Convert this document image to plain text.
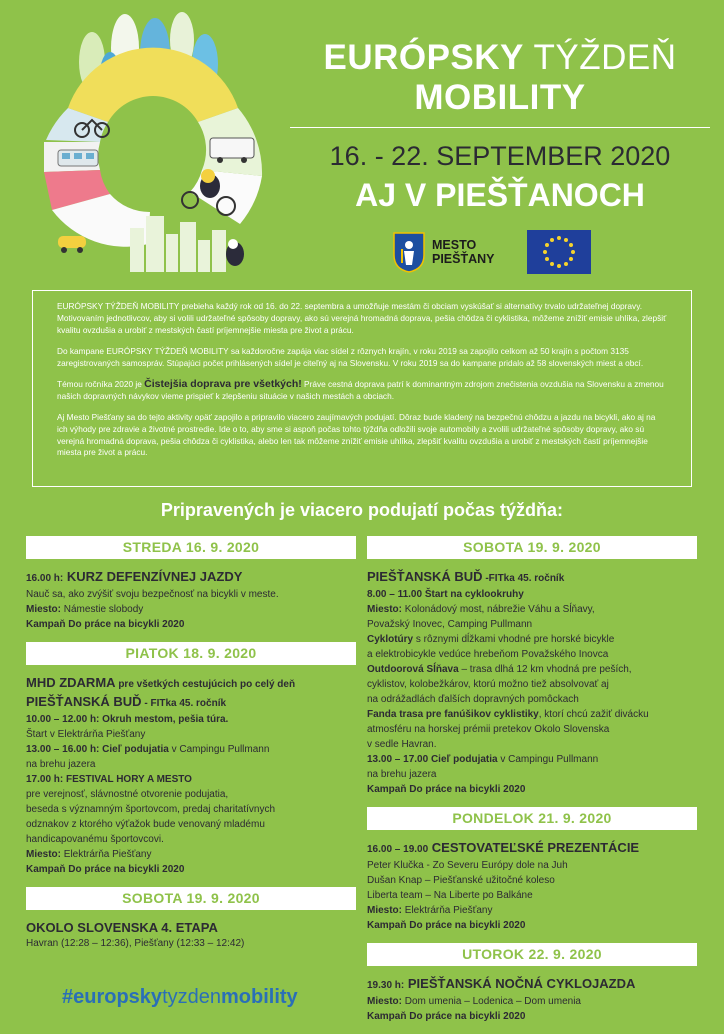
EURÓPSKY TÝŽDEŇ
MOBILITY
16. - 22. SEPTEMBER 2020
AJ V PIEŠŤANOCH
MESTO
PIEŠŤANY

EURÓPSKY TÝŽDEŇ MOBILITY prebieha každý rok od 16. do 22. septembra a umožňuje mestám či obciam vyskúšať si alternatívy trvalo udržateľnej dopravy. Motivovaním jednotlivcov, aby si volili udržateľné spôsoby dopravy, ako sú verejná hromadná doprava, pešia chôdza či cyklistika, môžeme znížiť emisie uhlíka, zlepšiť kvalitu ovzdušia a urobiť z mestských častí príjemnejšie miesta pre život a prácu.

Do kampane EURÓPSKY TÝŽDEŇ MOBILITY sa každoročne zapája viac sídel z rôznych krajín, v roku 2019 sa zapojilo celkom až 50 krajín s počtom 3135 zaregistrovaných samospráv. Stúpajúci počet prihlásených sídel je citeľný aj na Slovensku. V roku 2019 sa do kampane pridalo až 58 slovenských miest a obcí.

Témou ročníka 2020 je Čistejšia doprava pre všetkých! Práve cestná doprava patrí k dominantným zdrojom znečistenia ovzdušia na Slovensku a zmenou našich dopravných návykov vieme prispieť k zlepšeniu situácie v našich mestách a obciach.

Aj Mesto Piešťany sa do tejto aktivity opäť zapojilo a pripravilo viacero zaujímavých podujatí. Dôraz bude kladený na bezpečnú chôdzu a jazdu na bicykli, ako aj na ich výhody pre zdravie a životné prostredie. Ide o to, aby sme si aspoň počas tohto týždňa odložili svoje automobily a zvolili udržateľné spôsoby dopravy, ako sú verejná hromadná doprava, pešia chôdza či cyklistika, alebo len tak môžeme znížiť emisie uhlíka, zlepšiť kvalitu ovzdušia a urobiť z mestských častí príjemnejšie miesta pre život a prácu.

Pripravených je viacero podujatí počas týždňa:
STREDA 16. 9. 2020
16.00 h: KURZ DEFENZÍVNEJ JAZDY
Nauč sa, ako zvýšiť svoju bezpečnosť na bicykli v meste.
Miesto: Námestie slobody
Kampaň Do práce na bicykli 2020
PIATOK 18. 9. 2020
MHD ZDARMA pre všetkých cestujúcich po celý deň
PIEŠŤANSKÁ BUĎ - FITka 45. ročník
10.00 – 12.00 h: Okruh mestom, pešia túra.
Štart v Elektrárňa Piešťany
13.00 – 16.00 h: Cieľ podujatia v Campingu Pullmann
na brehu jazera
17.00 h: FESTIVAL HORY A MESTO
pre verejnosť, slávnostné otvorenie podujatia,
beseda s významným športovcom, predaj charitatívnych
odznakov z ktorého výťažok bude venovaný mladému
handicapovanému športovcovi.
Miesto: Elektrárňa Piešťany
Kampaň Do práce na bicykli 2020
SOBOTA 19. 9. 2020
OKOLO SLOVENSKA 4. ETAPA
Havran (12:28 – 12:36), Piešťany (12:33 – 12:42)
SOBOTA 19. 9. 2020
PIEŠŤANSKÁ BUĎ -FITka 45. ročník
8.00 – 11.00 Štart na cyklookruhy
Miesto: Kolonádový most, nábrežie Váhu a Sĺňavy,
Považský Inovec, Camping Pullmann
Cyklotúry s rôznymi dĺžkami vhodné pre horské bicykle
a elektrobicykle vedúce hrebeňom Považského Inovca
Outdoorová Sĺňava – trasa dlhá 12 km vhodná pre peších,
cyklistov, kolobežkárov, ktorú možno tiež absolvovať aj
na odrážadlách ďalších dopravných pomôckach
Fanda trasa pre fanúšikov cyklistiky, ktorí chcú zažiť divácku
atmosféru na horskej prémii pretekov Okolo Slovenska
v sedle Havran.
13.00 – 17.00 Cieľ podujatia v Campingu Pullmann
na brehu jazera
Kampaň Do práce na bicykli 2020
PONDELOK 21. 9. 2020
16.00 – 19.00 CESTOVATEĽSKÉ PREZENTÁCIE
Peter Klučka - Zo Severu Európy dole na Juh
Dušan Knap – Piešťanské užitočné koleso
Liberta team – Na Liberte po Balkáne
Miesto: Elektrárňa Piešťany
Kampaň Do práce na bicykli 2020
UTOROK 22. 9. 2020
19.30 h: PIEŠŤANSKÁ NOČNÁ CYKLOJAZDA
Miesto: Dom umenia – Lodenica – Dom umenia
Kampaň Do práce na bicykli 2020
#europskytyzdenmobility
